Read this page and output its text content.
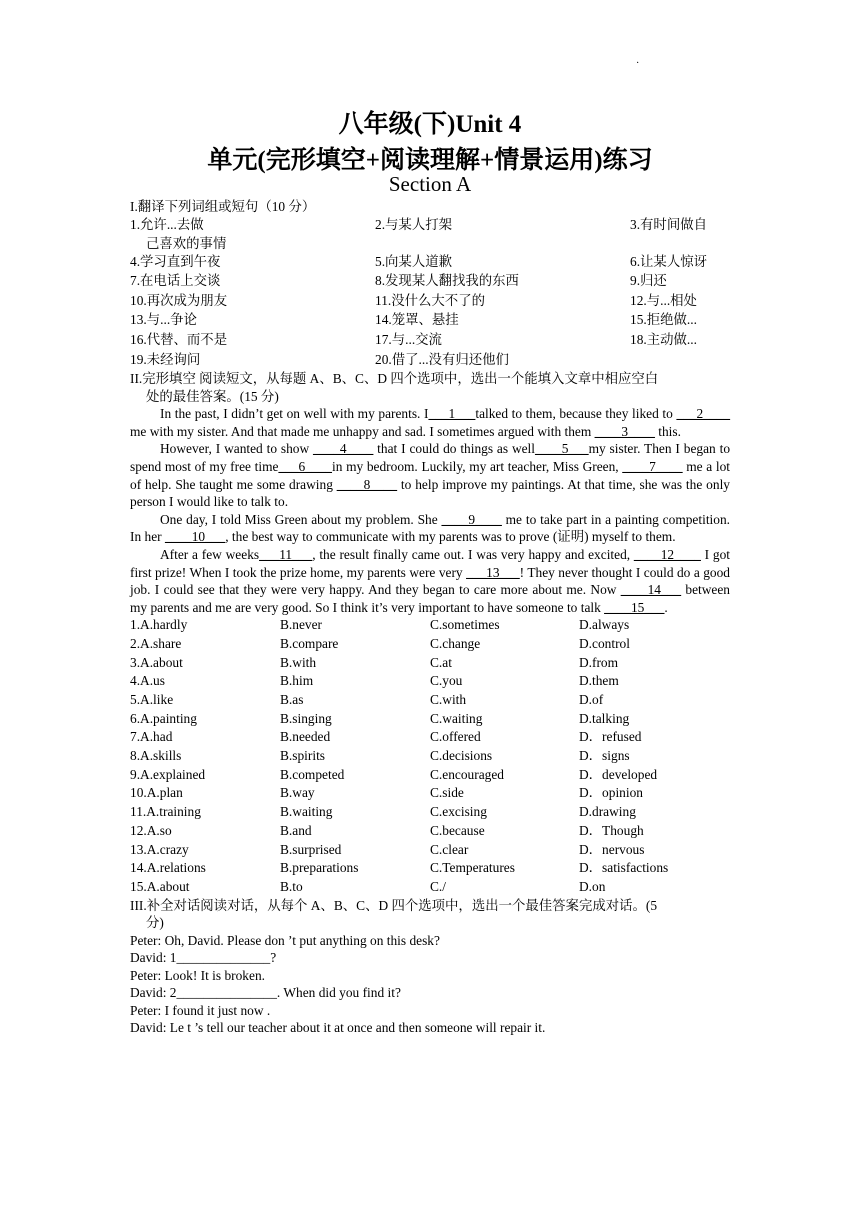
·
八年级(下)Unit 4
单元(完形填空+阅读理解+情景运用)练习
Section A
I.翻译下列词组或短句（10 分）
1.允许...去做	2.与某人打架	3.有时间做自
己喜欢的事情
4.学习直到午夜	5.向某人道歉	6.让某人惊讶
7.在电话上交谈	8.发现某人翻找我的东西	9.归还
10.再次成为朋友	11.没什么大不了的	12.与...相处
13.与...争论	14.笼罩、悬挂	15.拒绝做...
16.代替、而不是	17.与...交流	18.主动做...
19.未经询问	20.借了...没有归还他们
II.完形填空 阅读短文，从每题 A、B、C、D 四个选项中，选出一个能填入文章中相应空白
处的最佳答案。(15 分)

In the past, I didn’t get on well with my parents. I___1___talked to them, because they liked to ___2____ me with my sister. And that made me unhappy and sad. I sometimes argued with them ____3____ this.

However, I wanted to show ____4____ that I could do things as well____5___my sister. Then I began to spend most of my free time___6____in my bedroom. Luckily, my art teacher, Miss Green, ____7____ me a lot of help. She taught me some drawing ____8____ to help improve my paintings. At that time, she was the only person I would like to talk to.

One day, I told Miss Green about my problem. She ____9____ me to take part in a painting competition. In her ____10___, the best way to communicate with my parents was to prove (证明) myself to them.

After a few weeks___11___, the result finally came out. I was very happy and excited, ____12____ I got first prize! When I took the prize home, my parents were very ___13___! They never thought I could do a good job. I could see that they were very happy. And they began to care more about me. Now ____14___ between my parents and me are very good. So I think it’s very important to have someone to talk ____15___.

1.A.hardly	B.never	C.sometimes	D.always
2.A.share	B.compare	C.change	D.control
3.A.about	B.with	C.at	D.from
4.A.us	B.him	C.you	D.them
5.A.like	B.as	C.with	D.of
6.A.painting	B.singing	C.waiting	D.talking
7.A.had	B.needed	C.offered	D．refused
8.A.skills	B.spirits	C.decisions	D．signs
9.A.explained	B.competed	C.encouraged	D．developed
10.A.plan	B.way	C.side	D．opinion
11.A.training	B.waiting	C.excising	D.drawing
12.A.so	B.and	C.because	D．Though
13.A.crazy	B.surprised	C.clear	D．nervous
14.A.relations	B.preparations	C.Temperatures	D．satisfactions
15.A.about	B.to	C./	D.on
III.补全对话阅读对话，从每个 A、B、C、D 四个选项中，选出一个最佳答案完成对话。(5
分)
Peter: Oh, David. Please don ’t put anything on this desk?
David: 1______________?
Peter: Look! It is broken.
David: 2_______________. When did you find it?
Peter: I found it just now .
David: Le t ’s tell our teacher about it at once and then someone will repair it.
